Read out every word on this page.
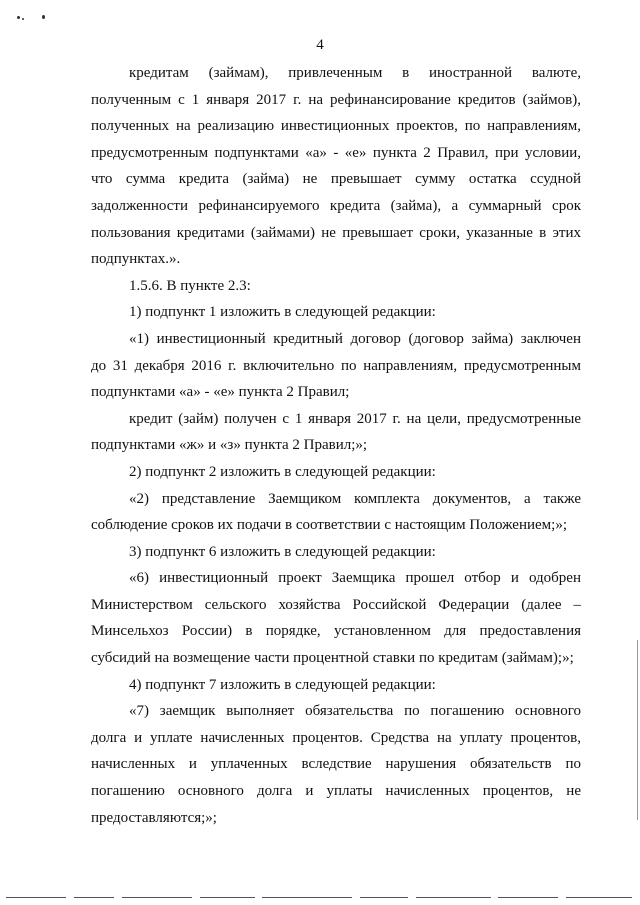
4
кредитам (займам), привлеченным в иностранной валюте,
полученным с 1 января 2017 г. на рефинансирование кредитов (займов),
полученных на реализацию инвестиционных проектов, по направлениям,
предусмотренным подпунктами «а» - «е» пункта 2 Правил, при условии,
что сумма кредита (займа) не превышает сумму остатка ссудной
задолженности рефинансируемого кредита (займа), а суммарный срок
пользования кредитами (займами) не превышает сроки, указанные в этих
подпунктах.».
1.5.6. В пункте 2.3:
1) подпункт 1 изложить в следующей редакции:
«1) инвестиционный кредитный договор (договор займа) заключен
до 31 декабря 2016 г. включительно по направлениям, предусмотренным
подпунктами «а» - «е» пункта 2 Правил;
кредит (займ) получен с 1 января 2017 г. на цели, предусмотренные
подпунктами «ж» и «з» пункта 2 Правил;»;
2) подпункт 2 изложить в следующей редакции:
«2) представление Заемщиком комплекта документов, а также
соблюдение сроков их подачи в соответствии с настоящим Положением;»;
3) подпункт 6 изложить в следующей редакции:
«6) инвестиционный проект Заемщика прошел отбор и одобрен
Министерством сельского хозяйства Российской Федерации (далее –
Минсельхоз России) в порядке, установленном для предоставления
субсидий на возмещение части процентной ставки по кредитам (займам);»;
4) подпункт 7 изложить в следующей редакции:
«7) заемщик выполняет обязательства по погашению основного
долга и уплате начисленных процентов. Средства на уплату процентов,
начисленных и уплаченных вследствие нарушения обязательств по
погашению основного долга и уплаты начисленных процентов, не
предоставляются;»;
